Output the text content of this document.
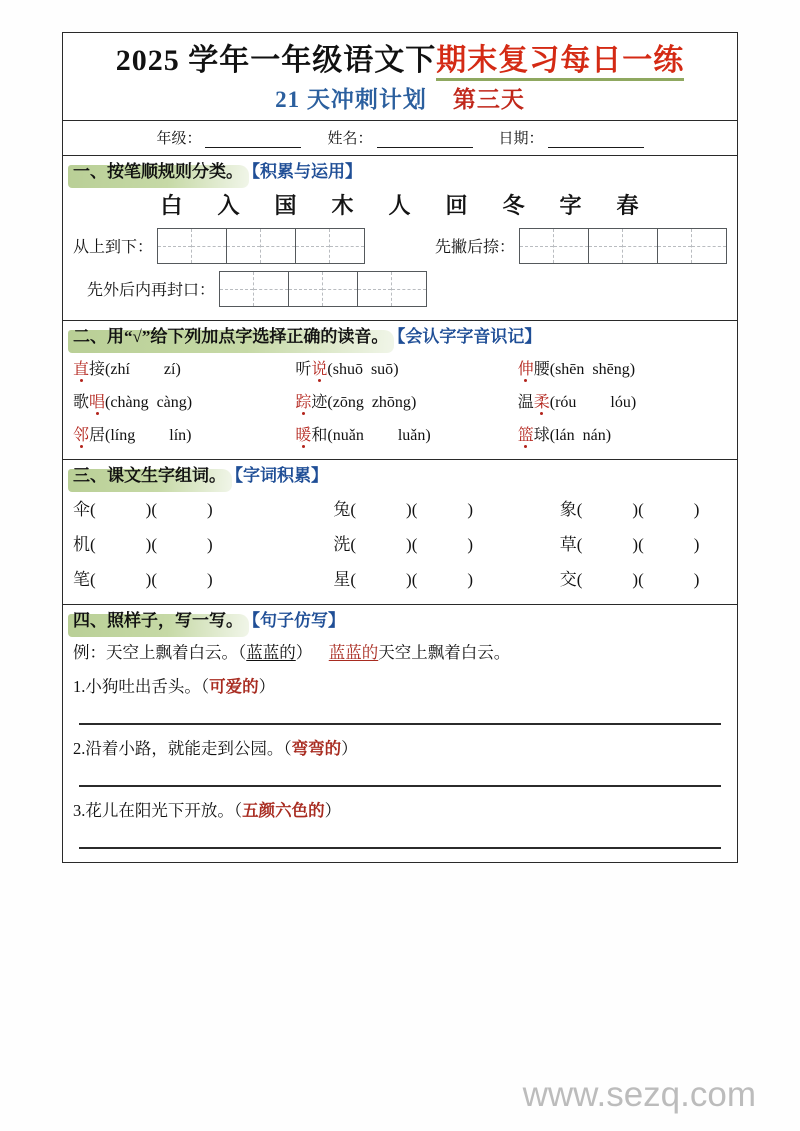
2025 学年一年级语文下期末复习每日一练
21 天冲刺计划 第三天
年级：	姓名：	日期：
一、按笔顺规则分类。【积累与运用】
白 入 国 木 人 回 冬 字 春
从上到下：	先撇后捺：
先外后内再封口：
二、用“√”给下列加点字选择正确的读音。【会认字字音识记】
直接(zhí zí)	听说(shuō suō)	伸腰(shēn shēng)
歌唱(chàng càng)	踪迹(zōng zhōng)	温柔(róu lóu)
邻居(líng lín)	暖和(nuǎn luǎn)	篮球(lán nán)
三、课文生字组词。【字词积累】
伞( )( )	兔( )( )	象( )( )
机( )( )	洗( )( )	草( )( )
笔( )( )	星( )( )	交( )( )
四、照样子，写一写。【句子仿写】
例：天空上飘着白云。（蓝蓝的） 蓝蓝的天空上飘着白云。
1.小狗吐出舌头。（可爱的）
2.沿着小路，就能走到公园。（弯弯的）
3.花儿在阳光下开放。（五颜六色的）
www.sezq.com
